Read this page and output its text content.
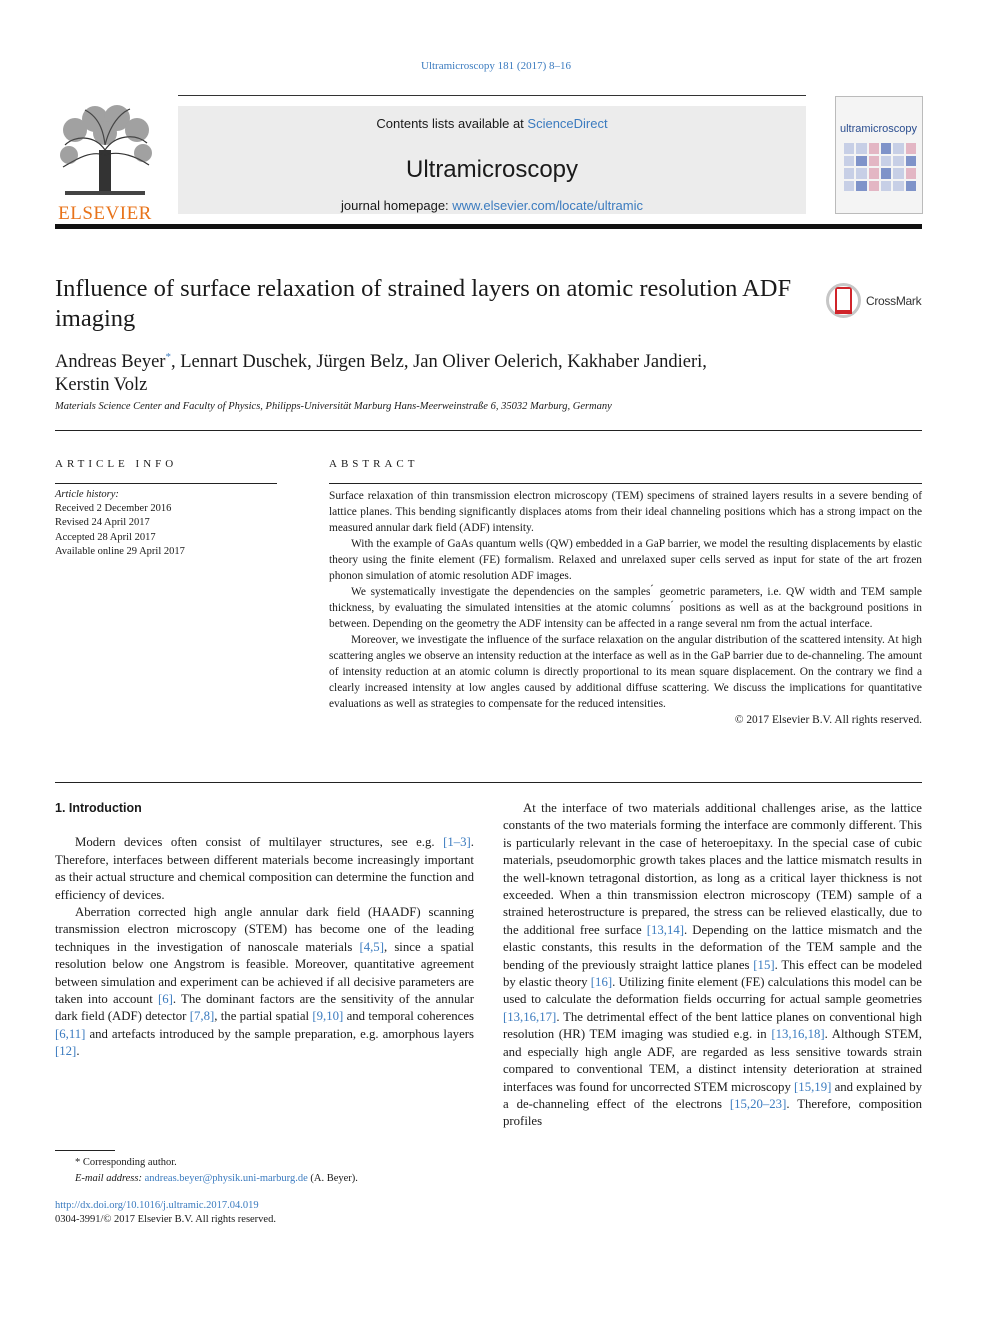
Ultramicroscopy 181 (2017) 8–16
ELSEVIER
Contents lists available at ScienceDirect
Ultramicroscopy
journal homepage: www.elsevier.com/locate/ultramic
ultramicroscopy
Influence of surface relaxation of strained layers on atomic resolution ADF imaging
CrossMark
Andreas Beyer*, Lennart Duschek, Jürgen Belz, Jan Oliver Oelerich, Kakhaber Jandieri,
Kerstin Volz
Materials Science Center and Faculty of Physics, Philipps-Universität Marburg Hans-Meerweinstraße 6, 35032 Marburg, Germany
ARTICLE INFO	ABSTRACT
Article history:
Received 2 December 2016
Revised 24 April 2017
Accepted 28 April 2017
Available online 29 April 2017

Surface relaxation of thin transmission electron microscopy (TEM) specimens of strained layers results in a severe bending of lattice planes. This bending significantly displaces atoms from their ideal channeling positions which has a strong impact on the measured annular dark field (ADF) intensity.

With the example of GaAs quantum wells (QW) embedded in a GaP barrier, we model the resulting displacements by elastic theory using the finite element (FE) formalism. Relaxed and unrelaxed super cells served as input for state of the art frozen phonon simulation of atomic resolution ADF images.

We systematically investigate the dependencies on the samples ́ geometric parameters, i.e. QW width and TEM sample thickness, by evaluating the simulated intensities at the atomic columns ́ positions as well as at the background positions in between. Depending on the geometry the ADF intensity can be affected in a range several nm from the actual interface.

Moreover, we investigate the influence of the surface relaxation on the angular distribution of the scattered intensity. At high scattering angles we observe an intensity reduction at the interface as well as in the GaP barrier due to de-channeling. The amount of intensity reduction at an atomic column is directly proportional to its mean square displacement. On the contrary we find a clearly increased intensity at low angles caused by additional diffuse scattering. We discuss the implications for quantitative evaluations as well as strategies to compensate for the reduced intensities.

© 2017 Elsevier B.V. All rights reserved.

1. Introduction

Modern devices often consist of multilayer structures, see e.g. [1–3]. Therefore, interfaces between different materials become increasingly important as their actual structure and chemical composition can determine the function and efficiency of devices.

Aberration corrected high angle annular dark field (HAADF) scanning transmission electron microscopy (STEM) has become one of the leading techniques in the investigation of nanoscale materials [4,5], since a spatial resolution below one Angstrom is feasible. Moreover, quantitative agreement between simulation and experiment can be achieved if all decisive parameters are taken into account [6]. The dominant factors are the sensitivity of the annular dark field (ADF) detector [7,8], the partial spatial [9,10] and temporal coherences [6,11] and artefacts introduced by the sample preparation, e.g. amorphous layers [12].

At the interface of two materials additional challenges arise, as the lattice constants of the two materials forming the interface are commonly different. This is particularly relevant in the case of heteroepitaxy. In the special case of cubic materials, pseudomorphic growth takes places and the lattice mismatch results in the well-known tetragonal distortion, as long as a critical layer thickness is not exceeded. When a thin transmission electron microscopy (TEM) sample of a strained heterostructure is prepared, the stress can be relieved elastically, due to the additional free surface [13,14]. Depending on the lattice mismatch and the elastic constants, this results in the deformation of the TEM sample and the bending of the previously straight lattice planes [15]. This effect can be modeled by elastic theory [16]. Utilizing finite element (FE) calculations this model can be used to calculate the deformation fields occurring for actual sample geometries [13,16,17]. The detrimental effect of the bent lattice planes on conventional high resolution (HR) TEM imaging was studied e.g. in [13,16,18]. Although STEM, and especially high angle ADF, are regarded as less sensitive towards strain compared to conventional TEM, a distinct intensity deterioration at strained interfaces was found for uncorrected STEM microscopy [15,19] and explained by a de-channeling effect of the electrons [15,20–23]. Therefore, composition profiles

* Corresponding author.
E-mail address: andreas.beyer@physik.uni-marburg.de (A. Beyer).
http://dx.doi.org/10.1016/j.ultramic.2017.04.019
0304-3991/© 2017 Elsevier B.V. All rights reserved.
